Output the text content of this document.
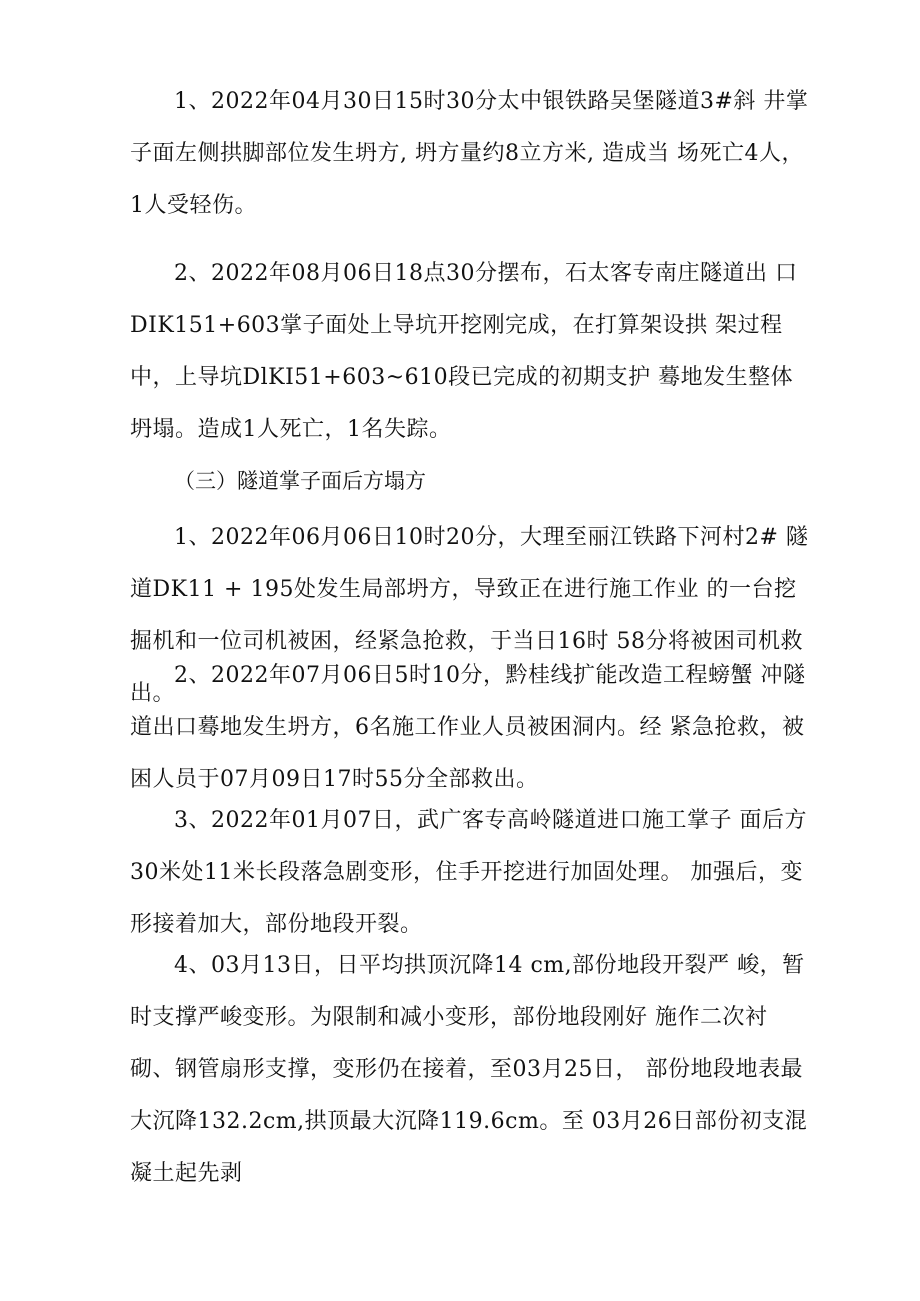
1、2022年04月30日15时30分太中银铁路吴堡隧道3#斜 井掌子面左侧拱脚部位发生坍方, 坍方量约8立方米, 造成当 场死亡4人，1人受轻伤。

2、2022年08月06日18点30分摆布，石太客专南庄隧道出 口DIK151+603掌子面处上导坑开挖刚完成，在打算架设拱 架过程中，上导坑DlKI51+603~610段已完成的初期支护 蓦地发生整体坍塌。造成1人死亡，1名失踪。

（三）隧道掌子面后方塌方

1、2022年06月06日10时20分，大理至丽江铁路下河村2# 隧道DK11 + 195处发生局部坍方，导致正在进行施工作业 的一台挖掘机和一位司机被困，经紧急抢救，于当日16时 58分将被困司机救出。

2、2022年07月06日5时10分，黔桂线扩能改造工程螃蟹 冲隧道出口蓦地发生坍方，6名施工作业人员被困洞内。经 紧急抢救，被困人员于07月09日17时55分全部救出。

3、2022年01月07日，武广客专高岭隧道进口施工掌子 面后方30米处11米长段落急剧变形，住手开挖进行加固处理。 加强后，变形接着加大，部份地段开裂。

4、03月13日，日平均拱顶沉降14 cm,部份地段开裂严 峻，暂时支撑严峻变形。为限制和减小变形，部份地段刚好 施作二次衬砌、钢管扇形支撑，变形仍在接着，至03月25日， 部份地段地表最大沉降132.2cm,拱顶最大沉降119.6cm。至 03月26日部份初支混凝土起先剥
